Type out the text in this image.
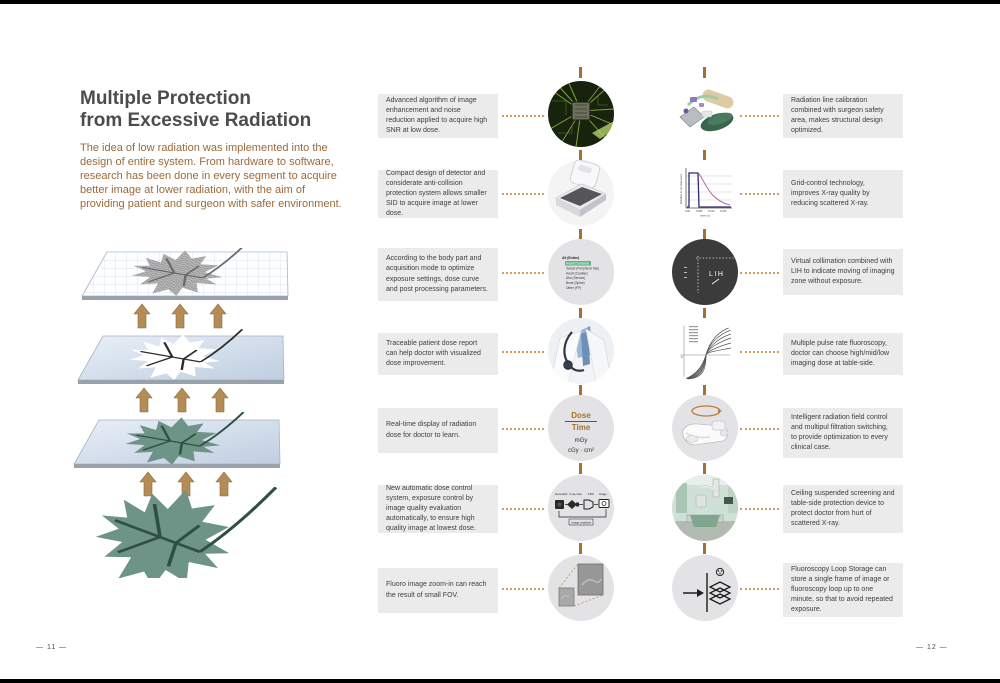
Multiple Protection
from Excessive Radiation

The idea of low radiation was implemented into the design of entire system. From hardware to software, research has been done in every segment to acquire better image at lower radiation, with the aim of providing patient and surgeon with safer environment.

— 11 —	— 12 —
Advanced algorithm of image enhancement and noise reduction applied to acquire high SNR at low dose.
Compact design of detector and considerate anti-collision protection system allows smaller SID to acquire image at lower dose.
According to the body part and acquisition mode to optimize exposure settings, dose curve and post processing parameters.
Traceable patient dose report can help doctor with visualized dose improvement.
Real-time display of radiation dose for doctor to learn.
New automatic dose control system, exposure control by image quality evaluation automatically, to ensure high quality image at lowest dose.
Fluoro image zoom-in can reach the result of small FOV.
Radiation line calibration combined with surgeon safety area, makes structural design optimized.
Grid-control technology, improves X-ray quality by reducing scattered X-ray.
Virtual collimation combined with LIH to indicate moving of imaging zone without exposure.
Multiple pulse rate fluoroscopy, doctor can choose high/mid/low imaging dose at table-side.
Intelligent radiation field control and multipul filtration switching, to provide optimization to every clinical case.
Ceiling suspended screening and table-side protection device to protect doctor from hurt of scattered X-ray.
Fluoroscopy Loop Storage can store a single frame of image or fluoroscopy loop up to one minute, so that to avoid repeated exposure.
All (Entire)
Head (Cerebral)
Vessel (Peripheral Vas)
Heart (Cardiac)
Abd (Service)
Bone (Spine)
Other (FP)
Dose
Time
mGy
cGy · cm²
Generator X-ray tube FPD Image
Image analysis
Relative X-ray Exposure
0.00 0.005 0.010 0.015
time (s)
LIH
0
